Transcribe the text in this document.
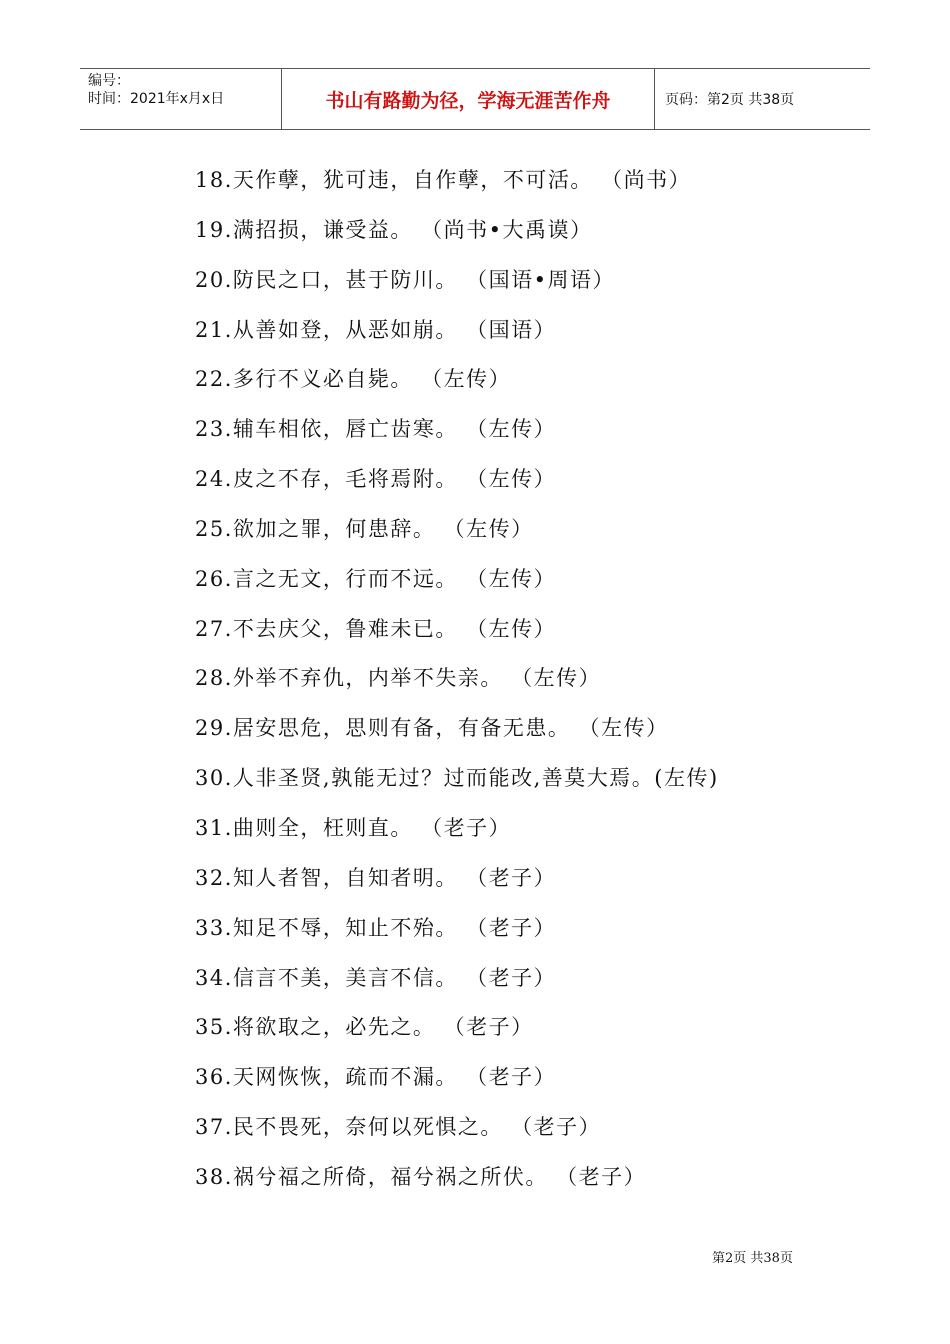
编号：
时间：2021年x月x日	书山有路勤为径，学海无涯苦作舟	页码：第2页 共38页
18.天作孽，犹可违，自作孽，不可活。 （尚书）
19.满招损，谦受益。 （尚书•大禹谟）
20.防民之口，甚于防川。 （国语•周语）
21.从善如登，从恶如崩。 （国语）
22.多行不义必自毙。 （左传）
23.辅车相依，唇亡齿寒。 （左传）
24.皮之不存，毛将焉附。 （左传）
25.欲加之罪，何患辞。 （左传）
26.言之无文，行而不远。 （左传）
27.不去庆父，鲁难未已。 （左传）
28.外举不弃仇，内举不失亲。 （左传）
29.居安思危，思则有备，有备无患。 （左传）
30.人非圣贤,孰能无过？过而能改,善莫大焉。(左传)
31.曲则全，枉则直。 （老子）
32.知人者智，自知者明。 （老子）
33.知足不辱，知止不殆。 （老子）
34.信言不美，美言不信。 （老子）
35.将欲取之，必先之。 （老子）
36.天网恢恢，疏而不漏。 （老子）
37.民不畏死，奈何以死惧之。 （老子）
38.祸兮福之所倚，福兮祸之所伏。 （老子）
第2页 共38页
